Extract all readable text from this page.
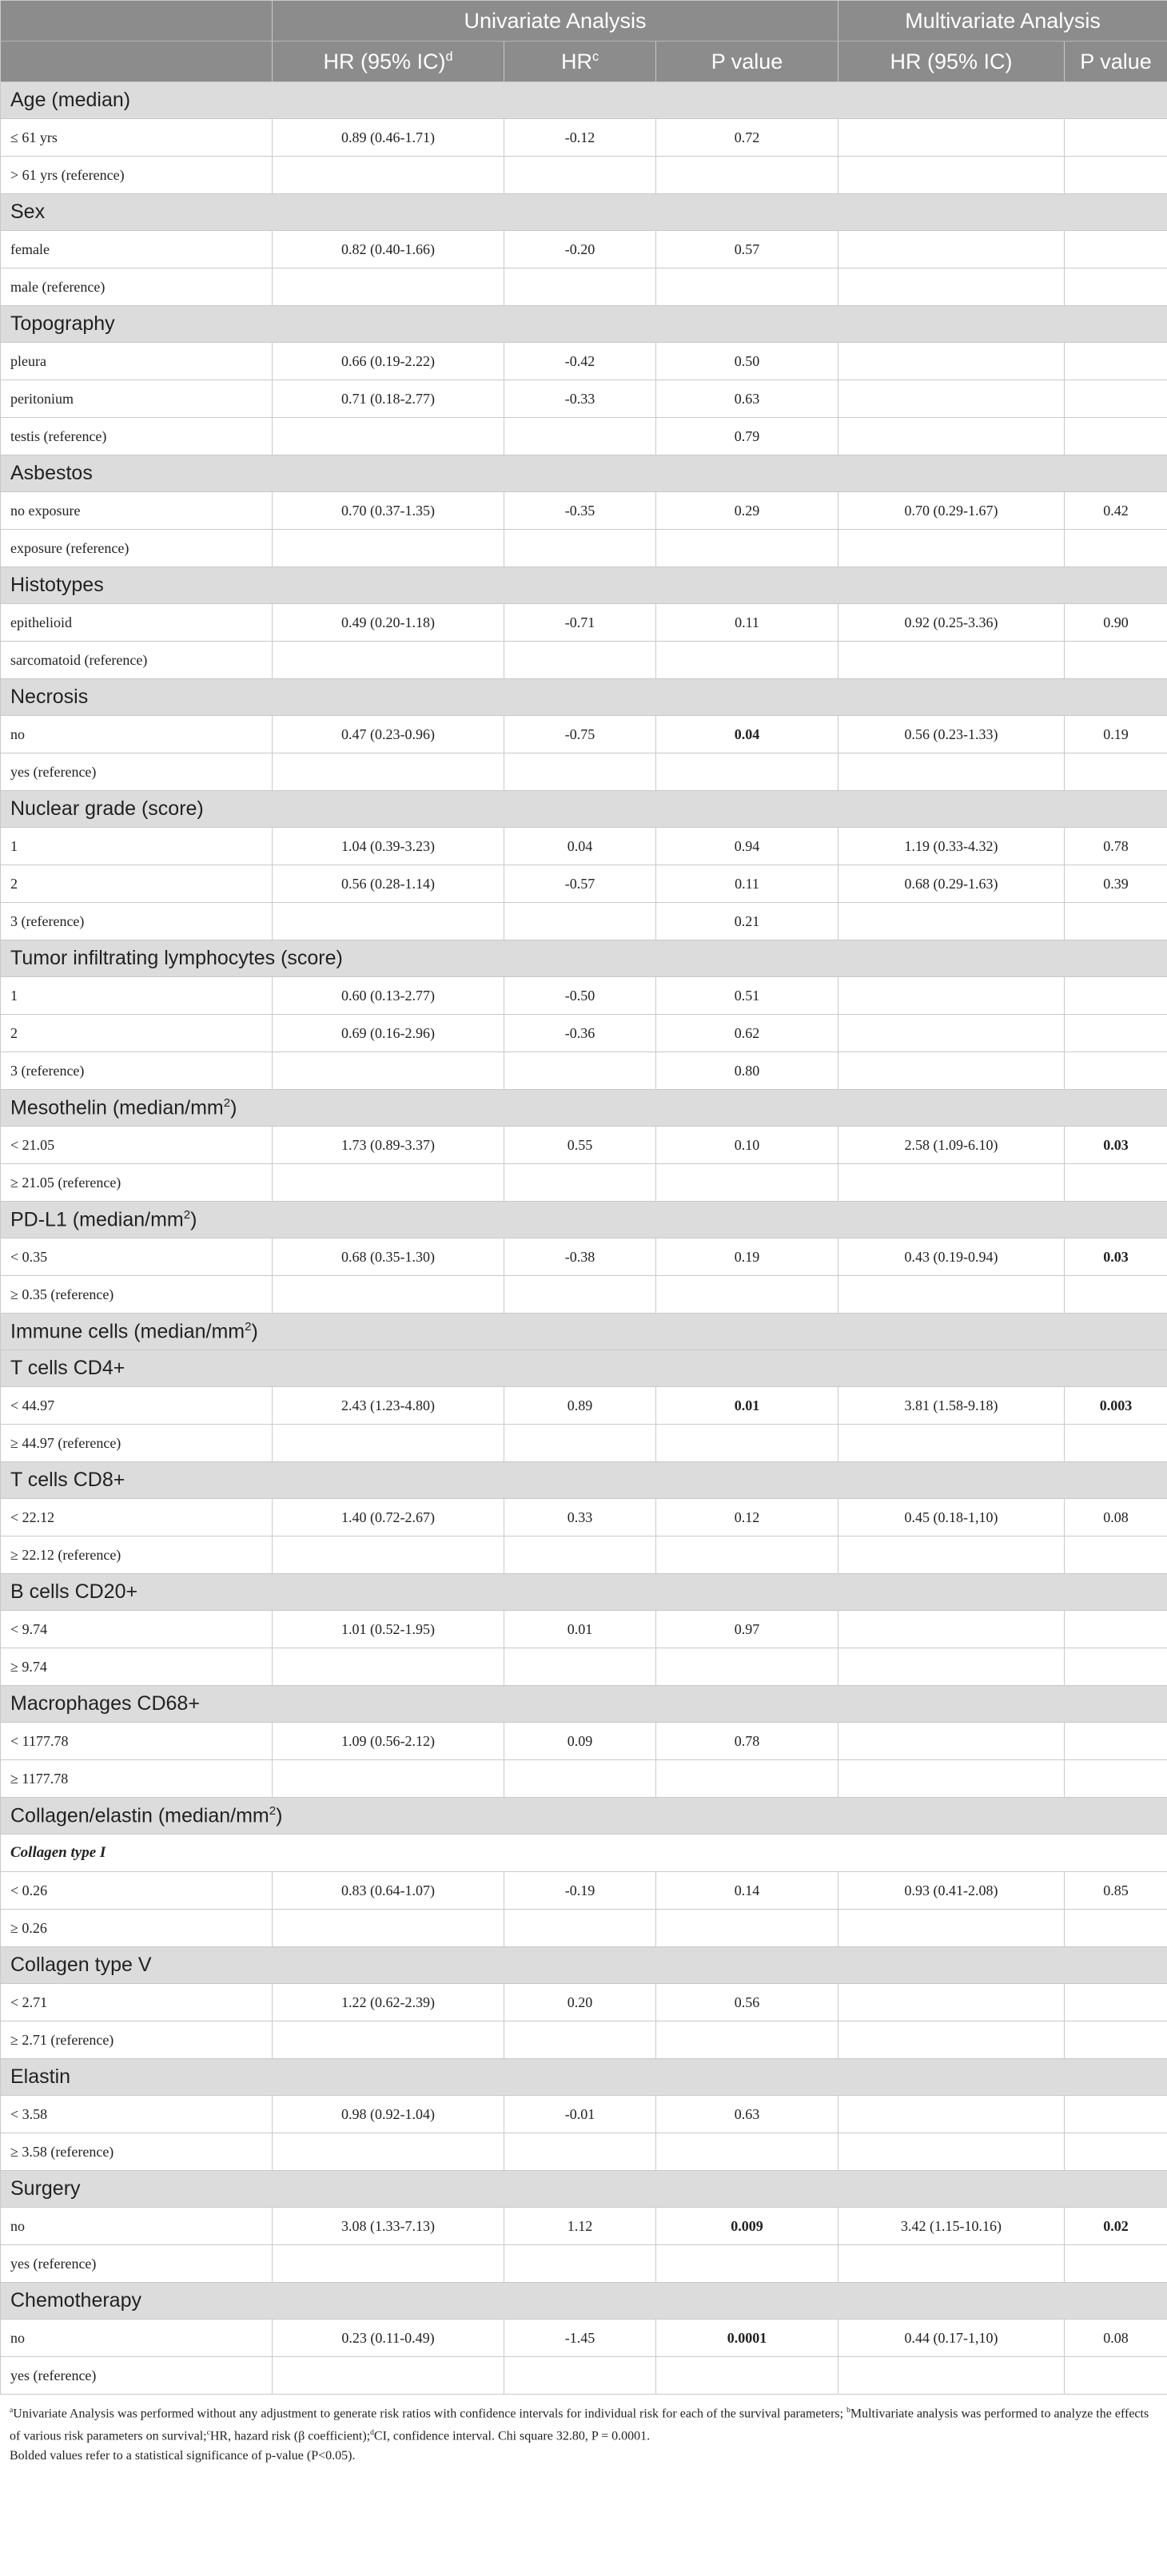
	Univariate Analysis			Multivariate Analysis	
	HR (95% IC)$^d$	$HR^c$	P value	HR (95% IC)	P value
Age (median)					
≤ 61 yrs	0.89 (0.46-1.71)	-0.12	0.72		
> 61 yrs (reference)					
Sex					
female	0.82 (0.40-1.66)	-0.20	0.57		
male (reference)					
Topography					
pleura	0.66 (0.19-2.22)	-0.42	0.50		
peritonium	0.71 (0.18-2.77)	-0.33	0.63		
testis (reference)			0.79		
Asbestos					
no exposure	0.70 (0.37-1.35)	-0.35	0.29	0.70 (0.29-1.67)	0.42
exposure (reference)					
Histotypes					
epithelioid	0.49 (0.20-1.18)	-0.71	0.11	0.92 (0.25-3.36)	0.90
sarcomatoid (reference)					
Necrosis					
no	0.47 (0.23-0.96)	-0.75	0.04	0.56 (0.23-1.33)	0.19
yes (reference)					
Nuclear grade (score)					
1	1.04 (0.39-3.23)	0.04	0.94	1.19 (0.33-4.32)	0.78
2	0.56 (0.28-1.14)	-0.57	0.11	0.68 (0.29-1.63)	0.39
3 (reference)			0.21		
Tumor infiltrating lymphocytes (score)					
1	0.60 (0.13-2.77)	-0.50	0.51		
2	0.69 (0.16-2.96)	-0.36	0.62		
3 (reference)			0.80		
Mesothelin $(median/mm^2)$					
< 21.05	1.73 (0.89-3.37)	0.55	0.10	2.58 (1.09-6.10)	0.03
≥ 21.05 (reference)					
PD-L1 $(median/mm^2)$					
< 0.35	0.68 (0.35-1.30)	-0.38	0.19	0.43 (0.19-0.94)	0.03
≥ 0.35 (reference)					
Immune cells $(median/mm^2)$					
T cells CD4+					
< 44.97	2.43 (1.23-4.80)	0.89	0.01	3.81 (1.58-9.18)	0.003
≥ 44.97 (reference)					
T cells CD8+					
< 22.12	1.40 (0.72-2.67)	0.33	0.12	0.45 (0.18-1,10)	0.08
≥ 22.12 (reference)					
B cells CD20+					
< 9.74	1.01 (0.52-1.95)	0.01	0.97		
≥ 9.74					
Macrophages CD68+					
< 1177.78	1.09 (0.56-2.12)	0.09	0.78		
≥ 1177.78					
Collagen/elastin $(median/mm^2)$					
Collagen type I					
< 0.26	0.83 (0.64-1.07)	-0.19	0.14	0.93 (0.41-2.08)	0.85
≥ 0.26					
Collagen type V					
< 2.71	1.22 (0.62-2.39)	0.20	0.56		
≥ 2.71 (reference)					
Elastin					
< 3.58	0.98 (0.92-1.04)	-0.01	0.63		
≥ 3.58 (reference)					
Surgery					
no	3.08 (1.33-7.13)	1.12	0.009	3.42 (1.15-10.16)	0.02
yes (reference)					
Chemotherapy					
no	0.23 (0.11-0.49)	-1.45	0.0001	0.44 (0.17-1,10)	0.08
yes (reference)					
$^a$Univariate Analysis was performed without any adjustment to generate risk ratios with confidence intervals for individual risk for each of the survival parameters; $^b$Multivariate analysis was performed to analyze the effects of various risk parameters on survival;$^c$HR, hazard risk (β coefficient);$^d$CI, confidence interval. Chi square 32.80, P = 0.0001.
Bolded values refer to a statistical significance of p-value (P<0.05).
